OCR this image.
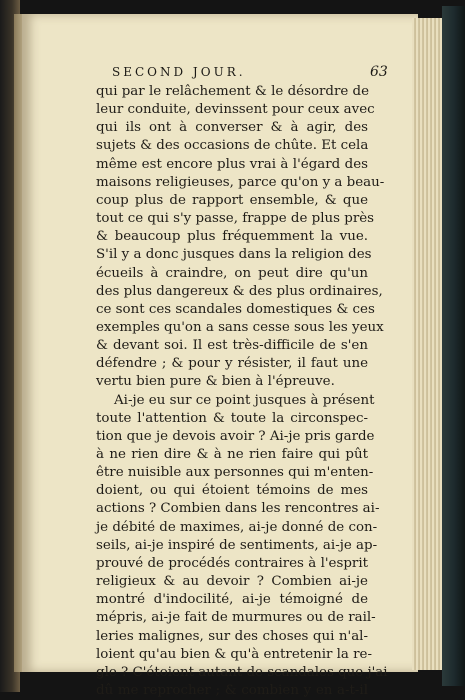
SECOND JOUR.	63
qui par le relâchement & le désordre de
leur conduite, devinssent pour ceux avec
qui ils ont à converser & à agir, des
sujets & des occasions de chûte. Et cela
même est encore plus vrai à l'égard des
maisons religieuses, parce qu'on y a beau-
coup plus de rapport ensemble, & que
tout ce qui s'y passe, frappe de plus près
& beaucoup plus fréquemment la vue.
S'il y a donc jusques dans la religion des
écueils à craindre, on peut dire qu'un
des plus dangereux & des plus ordinaires,
ce sont ces scandales domestiques & ces
exemples qu'on a sans cesse sous les yeux
& devant soi. Il est très-difficile de s'en
défendre ; & pour y résister, il faut une
vertu bien pure & bien à l'épreuve.
Ai-je eu sur ce point jusques à présent
toute l'attention & toute la circonspec-
tion que je devois avoir ? Ai-je pris garde
à ne rien dire & à ne rien faire qui pût
être nuisible aux personnes qui m'enten-
doient, ou qui étoient témoins de mes
actions ? Combien dans les rencontres ai-
je débité de maximes, ai-je donné de con-
seils, ai-je inspiré de sentiments, ai-je ap-
prouvé de procédés contraires à l'esprit
religieux & au devoir ? Combien ai-je
montré d'indocilité, ai-je témoigné de
mépris, ai-je fait de murmures ou de rail-
leries malignes, sur des choses qui n'al-
loient qu'au bien & qu'à entretenir la re-
gle ? C'étoient autant de scandales que j'ai
dû me reprocher ; & combien y en a-t-il
